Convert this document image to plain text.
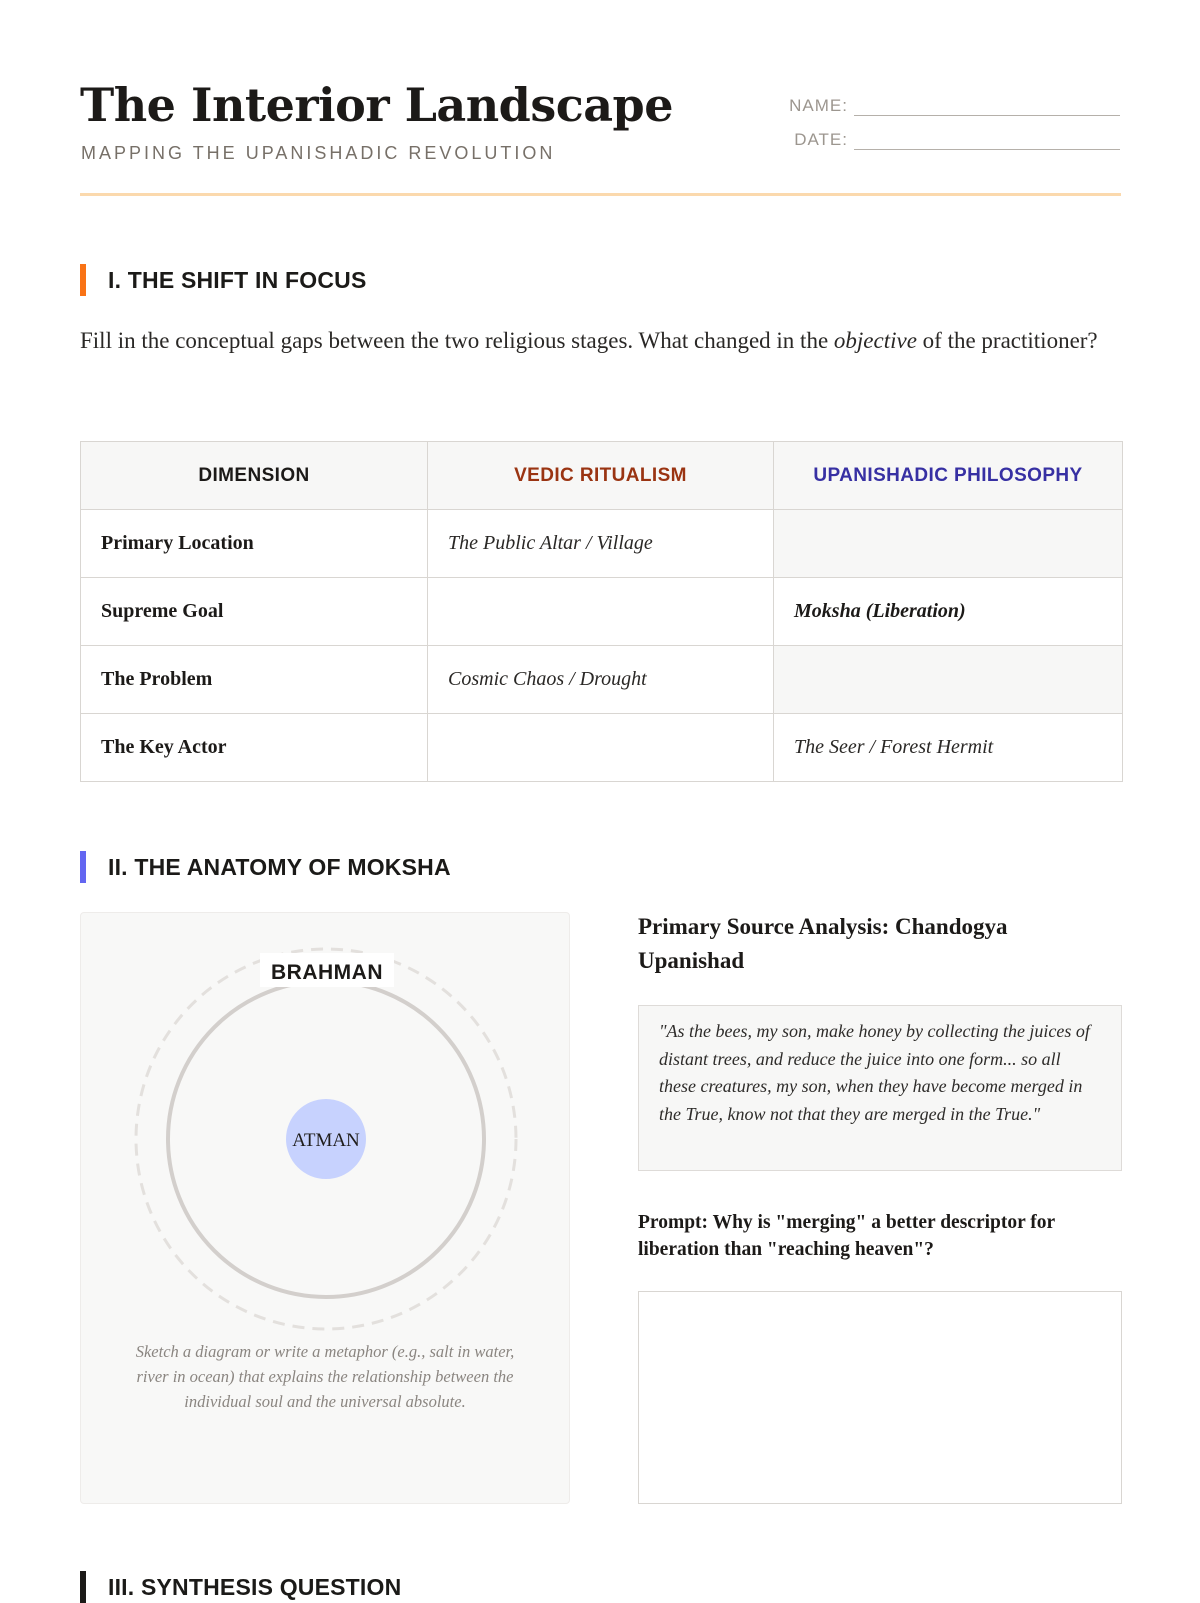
The Interior Landscape

MAPPING THE UPANISHADIC REVOLUTION

NAME:
DATE:
I. THE SHIFT IN FOCUS

Fill in the conceptual gaps between the two religious stages. What changed in the objective of the practitioner?

DIMENSION	VEDIC RITUALISM	UPANISHADIC PHILOSOPHY
Primary Location	The Public Altar / Village	
Supreme Goal		Moksha (Liberation)
The Problem	Cosmic Chaos / Drought	
The Key Actor		The Seer / Forest Hermit
II. THE ANATOMY OF MOKSHA
BRAHMAN
ATMAN

Sketch a diagram or write a metaphor (e.g., salt in water, river in ocean) that explains the relationship between the individual soul and the universal absolute.

Primary Source Analysis: Chandogya Upanishad

"As the bees, my son, make honey by collecting the juices of distant trees, and reduce the juice into one form... so all these creatures, my son, when they have become merged in the True, know not that they are merged in the True."

Prompt: Why is "merging" a better descriptor for liberation than "reaching heaven"?

III. SYNTHESIS QUESTION
